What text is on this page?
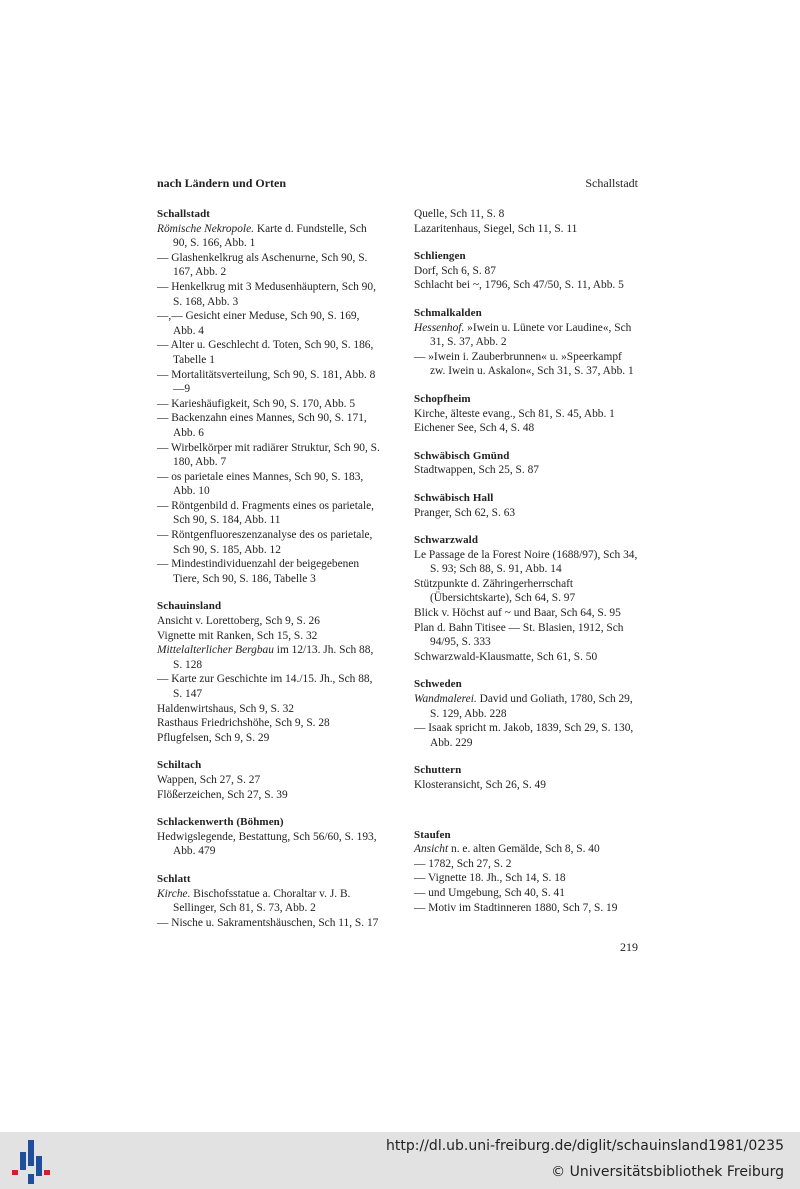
nach Ländern und Orten	Schallstadt
Schallstadt
Römische Nekropole. Karte d. Fundstelle, Sch 90, S. 166, Abb. 1
— Glashenkelkrug als Aschenurne, Sch 90, S. 167, Abb. 2
— Henkelkrug mit 3 Medusenhäuptern, Sch 90, S. 168, Abb. 3
—,— Gesicht einer Meduse, Sch 90, S. 169, Abb. 4
— Alter u. Geschlecht d. Toten, Sch 90, S. 186, Tabelle 1
— Mortalitätsverteilung, Sch 90, S. 181, Abb. 8—9
— Karieshäufigkeit, Sch 90, S. 170, Abb. 5
— Backenzahn eines Mannes, Sch 90, S. 171, Abb. 6
— Wirbelkörper mit radiärer Struktur, Sch 90, S. 180, Abb. 7
— os parietale eines Mannes, Sch 90, S. 183, Abb. 10
— Röntgenbild d. Fragments eines os parietale, Sch 90, S. 184, Abb. 11
— Röntgenfluoreszenzanalyse des os parietale, Sch 90, S. 185, Abb. 12
— Mindestindividuenzahl der beigegebenen Tiere, Sch 90, S. 186, Tabelle 3
Schauinsland
Ansicht v. Lorettoberg, Sch 9, S. 26
Vignette mit Ranken, Sch 15, S. 32
Mittelalterlicher Bergbau im 12/13. Jh. Sch 88, S. 128
— Karte zur Geschichte im 14./15. Jh., Sch 88, S. 147
Haldenwirtshaus, Sch 9, S. 32
Rasthaus Friedrichshöhe, Sch 9, S. 28
Pflugfelsen, Sch 9, S. 29
Schiltach
Wappen, Sch 27, S. 27
Flößerzeichen, Sch 27, S. 39
Schlackenwerth (Böhmen)
Hedwigslegende, Bestattung, Sch 56/60, S. 193, Abb. 479
Schlatt
Kirche. Bischofsstatue a. Choraltar v. J. B. Sellinger, Sch 81, S. 73, Abb. 2
— Nische u. Sakramentshäuschen, Sch 11, S. 17
Quelle, Sch 11, S. 8
Lazaritenhaus, Siegel, Sch 11, S. 11
Schliengen
Dorf, Sch 6, S. 87
Schlacht bei ~, 1796, Sch 47/50, S. 11, Abb. 5
Schmalkalden
Hessenhof. »Iwein u. Lünete vor Laudine«, Sch 31, S. 37, Abb. 2
— »Iwein i. Zauberbrunnen« u. »Speerkampf zw. Iwein u. Askalon«, Sch 31, S. 37, Abb. 1
Schopfheim
Kirche, älteste evang., Sch 81, S. 45, Abb. 1
Eichener See, Sch 4, S. 48
Schwäbisch Gmünd
Stadtwappen, Sch 25, S. 87
Schwäbisch Hall
Pranger, Sch 62, S. 63
Schwarzwald
Le Passage de la Forest Noire (1688/97), Sch 34, S. 93; Sch 88, S. 91, Abb. 14
Stützpunkte d. Zähringerherrschaft (Übersichtskarte), Sch 64, S. 97
Blick v. Höchst auf ~ und Baar, Sch 64, S. 95
Plan d. Bahn Titisee — St. Blasien, 1912, Sch 94/95, S. 333
Schwarzwald-Klausmatte, Sch 61, S. 50
Schweden
Wandmalerei. David und Goliath, 1780, Sch 29, S. 129, Abb. 228
— Isaak spricht m. Jakob, 1839, Sch 29, S. 130, Abb. 229
Schuttern
Klosteransicht, Sch 26, S. 49
Staufen
Ansicht n. e. alten Gemälde, Sch 8, S. 40
— 1782, Sch 27, S. 2
— Vignette 18. Jh., Sch 14, S. 18
— und Umgebung, Sch 40, S. 41
— Motiv im Stadtinneren 1880, Sch 7, S. 19
219
http://dl.ub.uni-freiburg.de/diglit/schauinsland1981/0235
© Universitätsbibliothek Freiburg
